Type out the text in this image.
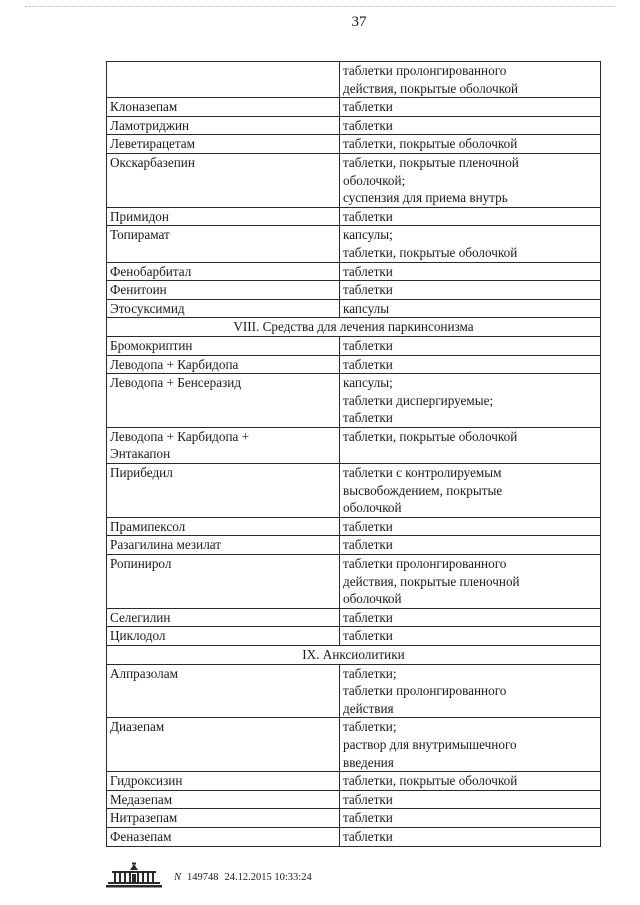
37

	таблетки пролонгированного
действия, покрытые оболочкой

Клоназепам	таблетки

Ламотриджин	таблетки

Леветирацетам	таблетки, покрытые оболочкой

Окскарбазепин	таблетки, покрытые пленочной
оболочкой;
суспензия для приема внутрь

Примидон	таблетки

Топирамат	капсулы;
таблетки, покрытые оболочкой

Фенобарбитал	таблетки

Фенитоин	таблетки

Этосуксимид	капсулы

VIII. Средства для лечения паркинсонизма	
Бромокриптин	таблетки

Леводопа + Карбидопа	таблетки

Леводопа + Бенсеразид	капсулы;
таблетки диспергируемые;
таблетки

Леводопа + Карбидопа +
Энтакапон	таблетки, покрытые оболочкой

Пирибедил	таблетки с контролируемым
высвобождением, покрытые
оболочкой

Прамипексол	таблетки

Разагилина мезилат	таблетки

Ропинирол	таблетки пролонгированного
действия, покрытые пленочной
оболочкой

Селегилин	таблетки

Циклодол	таблетки

IX. Анксиолитики	
Алпразолам	таблетки;
таблетки пролонгированного
действия

Диазепам	таблетки;
раствор для внутримышечного
введения

Гидроксизин	таблетки, покрытые оболочкой

Медазепам	таблетки

Нитразепам	таблетки

Феназепам	таблетки
N 149748 24.12.2015 10:33:24
